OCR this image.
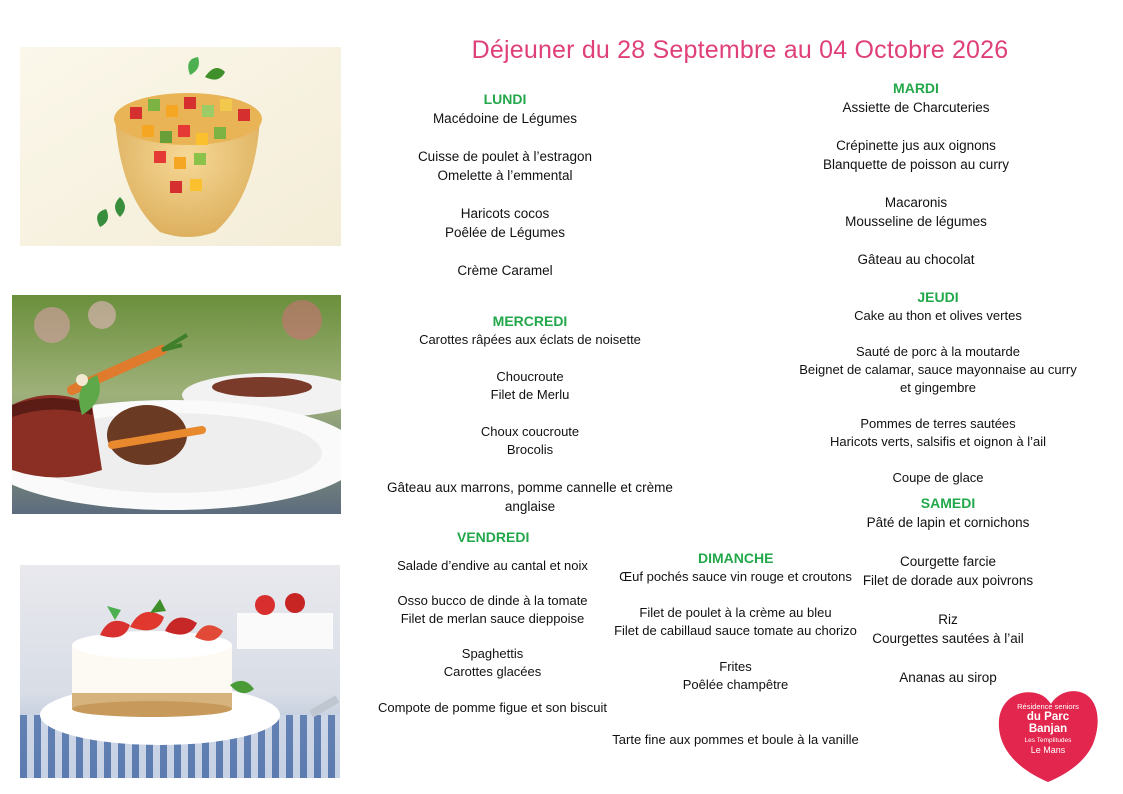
Déjeuner du 28 Septembre au 04 Octobre 2026
LUNDI
Macédoine de Légumes
Cuisse de poulet à l’estragon
Omelette à l’emmental
Haricots cocos
Poêlée de Légumes
Crème Caramel
MARDI
Assiette de Charcuteries
Crépinette jus aux oignons
Blanquette de poisson au curry
Macaronis
Mousseline de légumes
Gâteau au chocolat
MERCREDI
Carottes râpées aux éclats de noisette
Choucroute
Filet de Merlu
Choux coucroute
Brocolis
Gâteau aux marrons, pomme cannelle et crème
anglaise
JEUDI
Cake au thon et olives vertes
Sauté de porc à la moutarde
Beignet de calamar, sauce mayonnaise au curry
et gingembre
Pommes de terres sautées
Haricots verts, salsifis et oignon à l’ail
Coupe de glace
VENDREDI
Salade d’endive au cantal et noix
Osso bucco de dinde à la tomate
Filet de merlan sauce dieppoise
Spaghettis
Carottes glacées
Compote de pomme figue et son biscuit
DIMANCHE
Œuf pochés sauce vin rouge et croutons
Filet de poulet à la crème au bleu
Filet de cabillaud sauce tomate au chorizo
Frites
Poêlée champêtre
Tarte fine aux pommes et boule à la vanille
SAMEDI
Pâté de lapin et cornichons
Courgette farcie
Filet de dorade aux poivrons
Riz
Courgettes sautées à l’ail
Ananas au sirop
Résidence seniors
du Parc
Banjan
Les Templitudes
Le Mans
